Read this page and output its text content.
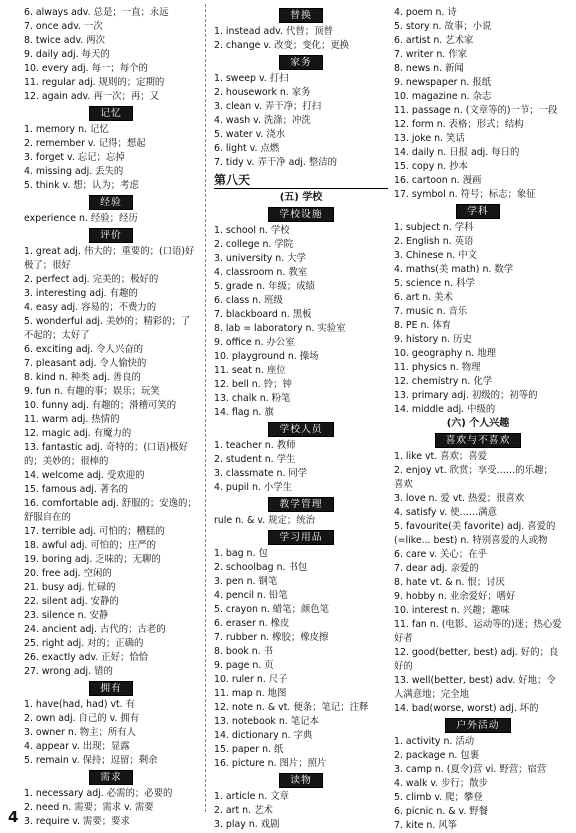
6. always adv. 总是；一直；永远
7. once adv. 一次
8. twice adv. 两次
9. daily adj. 每天的
10. every adj. 每一；每个的
11. regular adj. 规则的；定期的
12. again adv. 再一次；再；又
记忆
1. memory n. 记忆
2. remember v. 记得；想起
3. forget v. 忘记；忘掉
4. missing adj. 丢失的
5. think v. 想；认为；考虑
经验
experience n. 经验；经历
评价
1. great adj. 伟大的；重要的；(口语)好极了；很好
2. perfect adj. 完美的；极好的
3. interesting adj. 有趣的
4. easy adj. 容易的；不费力的
5. wonderful adj. 美妙的；精彩的；了不起的；太好了
6. exciting adj. 令人兴奋的
7. pleasant adj. 令人愉快的
8. kind n. 种类 adj. 善良的
9. fun n. 有趣的事；娱乐；玩笑
10. funny adj. 有趣的；滑稽可笑的
11. warm adj. 热情的
12. magic adj. 有魔力的
13. fantastic adj. 奇特的；(口语)极好的；美妙的；很棒的
14. welcome adj. 受欢迎的
15. famous adj. 著名的
16. comfortable adj. 舒服的；安逸的；舒服自在的
17. terrible adj. 可怕的；糟糕的
18. awful adj. 可怕的；庄严的
19. boring adj. 乏味的；无聊的
20. free adj. 空闲的
21. busy adj. 忙碌的
22. silent adj. 安静的
23. silence n. 安静
24. ancient adj. 古代的；古老的
25. right adj. 对的；正确的
26. exactly adv. 正好；恰恰
27. wrong adj. 错的
拥有
1. have(had, had) vt. 有
2. own adj. 自己的 v. 拥有
3. owner n. 物主；所有人
4. appear v. 出现；显露
5. remain v. 保持；逗留；剩余
需求
1. necessary adj. 必需的；必要的
2. need n. 需要；需求 v. 需要
3. require v. 需要；要求
替换
1. instead adv. 代替；顶替
2. change v. 改变；变化；更换
家务
1. sweep v. 打扫
2. housework n. 家务
3. clean v. 弄干净；打扫
4. wash v. 洗涤；冲洗
5. water v. 浇水
6. light v. 点燃
7. tidy v. 弄干净 adj. 整洁的
第八天
(五) 学校
学校设施
1. school n. 学校
2. college n. 学院
3. university n. 大学
4. classroom n. 教室
5. grade n. 年级；成绩
6. class n. 班级
7. blackboard n. 黑板
8. lab = laboratory n. 实验室
9. office n. 办公室
10. playground n. 操场
11. seat n. 座位
12. bell n. 铃；钟
13. chalk n. 粉笔
14. flag n. 旗
学校人员
1. teacher n. 教师
2. student n. 学生
3. classmate n. 同学
4. pupil n. 小学生
教学管理
rule n. & v. 规定；统治
学习用品
1. bag n. 包
2. schoolbag n. 书包
3. pen n. 钢笔
4. pencil n. 铅笔
5. crayon n. 蜡笔；颜色笔
6. eraser n. 橡皮
7. rubber n. 橡胶；橡皮擦
8. book n. 书
9. page n. 页
10. ruler n. 尺子
11. map n. 地图
12. note n. & vt. 便条；笔记；注释
13. notebook n. 笔记本
14. dictionary n. 字典
15. paper n. 纸
16. picture n. 图片；照片
读物
1. article n. 文章
2. art n. 艺术
3. play n. 戏剧
4. poem n. 诗
5. story n. 故事；小说
6. artist n. 艺术家
7. writer n. 作家
8. news n. 新闻
9. newspaper n. 报纸
10. magazine n. 杂志
11. passage n. (文章等的)一节；一段
12. form n. 表格；形式；结构
13. joke n. 笑话
14. daily n. 日报 adj. 每日的
15. copy n. 抄本
16. cartoon n. 漫画
17. symbol n. 符号；标志；象征
学科
1. subject n. 学科
2. English n. 英语
3. Chinese n. 中文
4. maths(美 math) n. 数学
5. science n. 科学
6. art n. 美术
7. music n. 音乐
8. PE n. 体育
9. history n. 历史
10. geography n. 地理
11. physics n. 物理
12. chemistry n. 化学
13. primary adj. 初级的；初等的
14. middle adj. 中级的
(六) 个人兴趣
喜欢与不喜欢
1. like vt. 喜欢；喜爱
2. enjoy vt. 欣赏；享受……的乐趣；喜欢
3. love n. 爱 vt. 热爱；很喜欢
4. satisfy v. 使……满意
5. favourite(美 favorite) adj. 喜爱的(=like... best) n. 特别喜爱的人或物
6. care v. 关心；在乎
7. dear adj. 亲爱的
8. hate vt. & n. 恨；讨厌
9. hobby n. 业余爱好；嗜好
10. interest n. 兴趣；趣味
11. fan n. (电影、运动等的)迷；热心爱好者
12. good(better, best) adj. 好的；良好的
13. well(better, best) adv. 好地；令人满意地；完全地
14. bad(worse, worst) adj. 坏的
户外活动
1. activity n. 活动
2. package n. 包裹
3. camp n. (夏令)营 vi. 野营；宿营
4. walk v. 步行；散步
5. climb v. 爬；攀登
6. picnic n. & v. 野餐
7. kite n. 风筝
4
